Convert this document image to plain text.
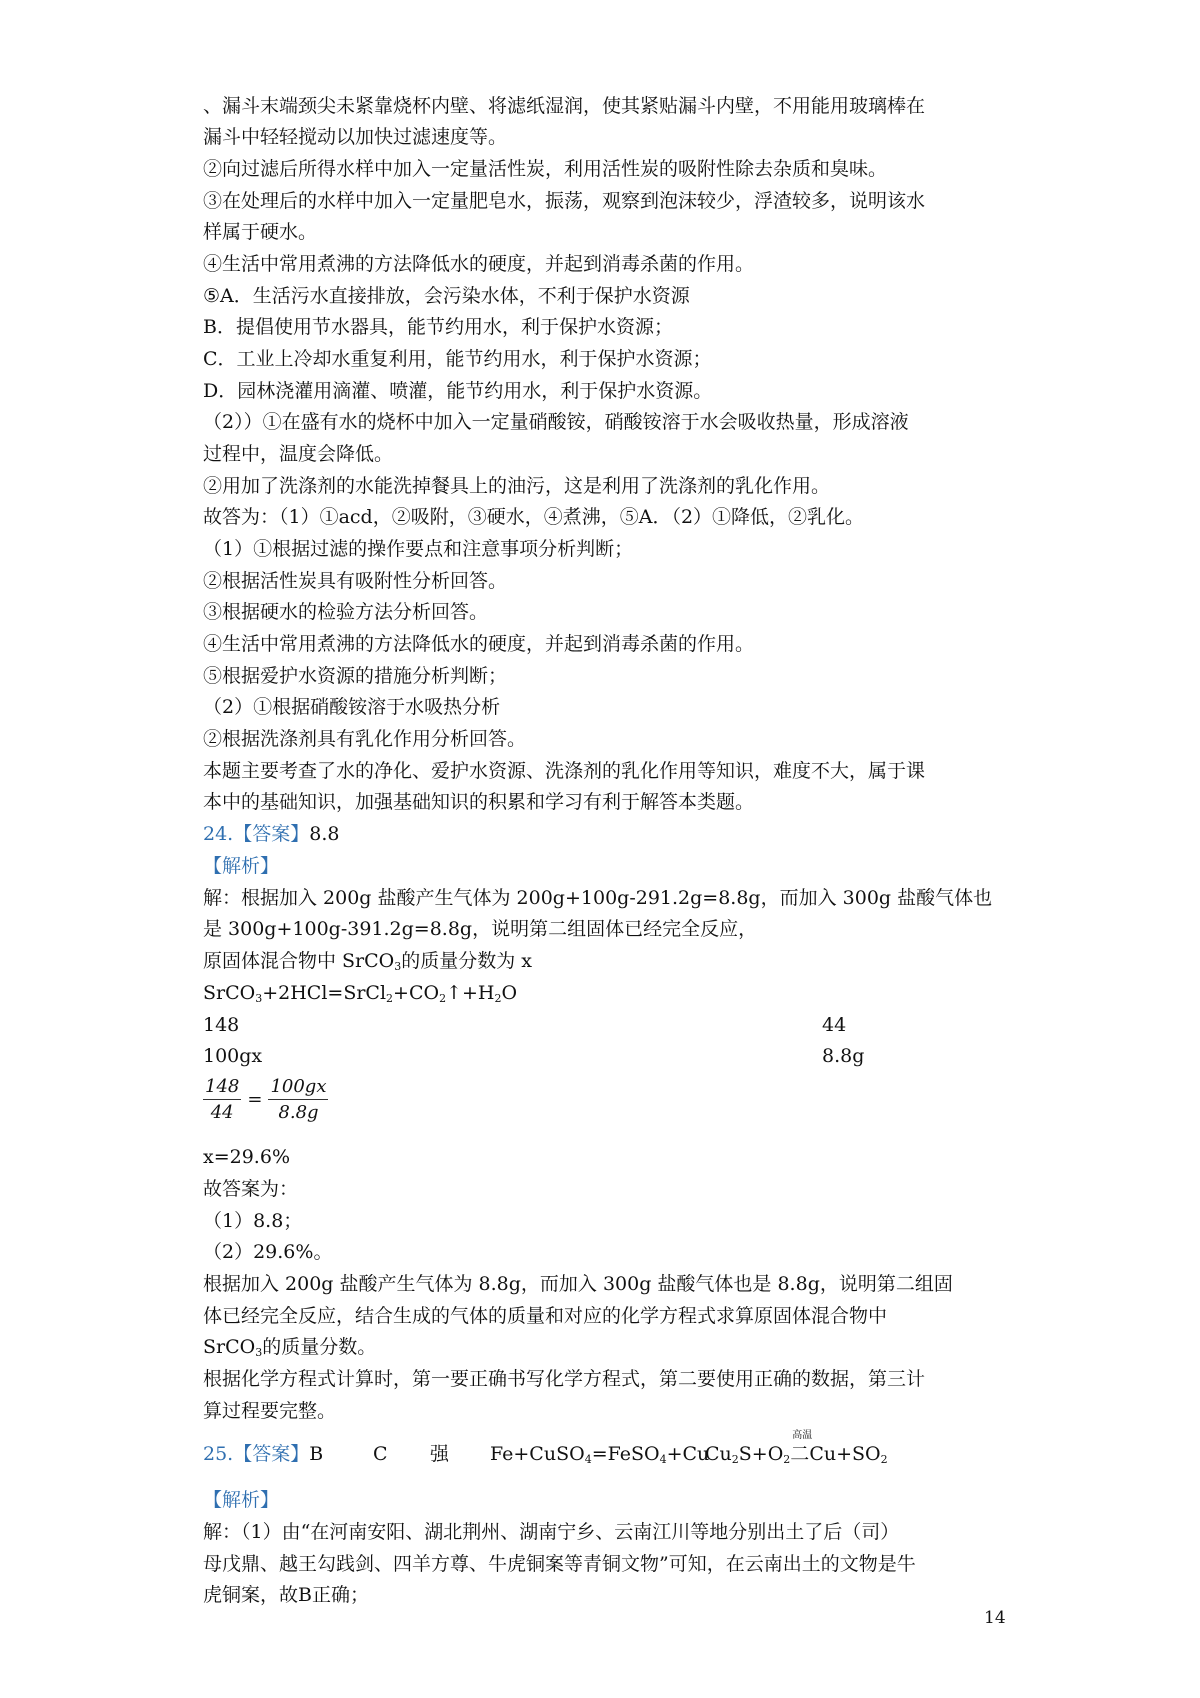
、漏斗末端颈尖未紧靠烧杯内壁、将滤纸湿润，使其紧贴漏斗内壁，不用能用玻璃棒在
漏斗中轻轻搅动以加快过滤速度等。
②向过滤后所得水样中加入一定量活性炭，利用活性炭的吸附性除去杂质和臭味。
③在处理后的水样中加入一定量肥皂水，振荡，观察到泡沫较少，浮渣较多，说明该水
样属于硬水。
④生活中常用煮沸的方法降低水的硬度，并起到消毒杀菌的作用。
⑤A．生活污水直接排放，会污染水体，不利于保护水资源
B．提倡使用节水器具，能节约用水，利于保护水资源；
C．工业上冷却水重复利用，能节约用水，利于保护水资源；
D．园林浇灌用滴灌、喷灌，能节约用水，利于保护水资源。
（2））①在盛有水的烧杯中加入一定量硝酸铵，硝酸铵溶于水会吸收热量，形成溶液
过程中，温度会降低。
②用加了洗涤剂的水能洗掉餐具上的油污，这是利用了洗涤剂的乳化作用。
故答为：（1）①acd，②吸附，③硬水，④煮沸，⑤A．（2）①降低，②乳化。
（1）①根据过滤的操作要点和注意事项分析判断；
②根据活性炭具有吸附性分析回答。
③根据硬水的检验方法分析回答。
④生活中常用煮沸的方法降低水的硬度，并起到消毒杀菌的作用。
⑤根据爱护水资源的措施分析判断；
（2）①根据硝酸铵溶于水吸热分析
②根据洗涤剂具有乳化作用分析回答。
本题主要考查了水的净化、爱护水资源、洗涤剂的乳化作用等知识，难度不大，属于课
本中的基础知识，加强基础知识的积累和学习有利于解答本类题。
24.【答案】8.8
【解析】
解：根据加入 200g 盐酸产生气体为 200g+100g-291.2g=8.8g，而加入 300g 盐酸气体也
是 300g+100g-391.2g=8.8g，说明第二组固体已经完全反应，
原固体混合物中 SrCO$_3$的质量分数为 x
$SrCO_3+2HCl=SrCl_2+CO_2↑+H_2O$
148	44
100gx	8.8g
$\frac{148}{44} = \frac{100gx}{8.8g}$
x=29.6%
故答案为：
（1）8.8；
（2）29.6%。
根据加入 200g 盐酸产生气体为 8.8g，而加入 300g 盐酸气体也是 8.8g，说明第二组固
体已经完全反应，结合生成的气体的质量和对应的化学方程式求算原固体混合物中
SrCO$_3$的质量分数。
根据化学方程式计算时，第一要正确书写化学方程式，第二要使用正确的数据，第三计
算过程要完整。
25.【答案】B	C 强 Fe+CuSO$_4$=FeSO$_4$+Cu
$Cu_2S+O_2$
高温
二$Cu+SO_2$
【解析】
解：（1）由“在河南安阳、湖北荆州、湖南宁乡、云南江川等地分别出土了后（司）
母戊鼎、越王勾践剑、四羊方尊、牛虎铜案等青铜文物”可知，在云南出土的文物是牛
虎铜案，故B正确；
14
